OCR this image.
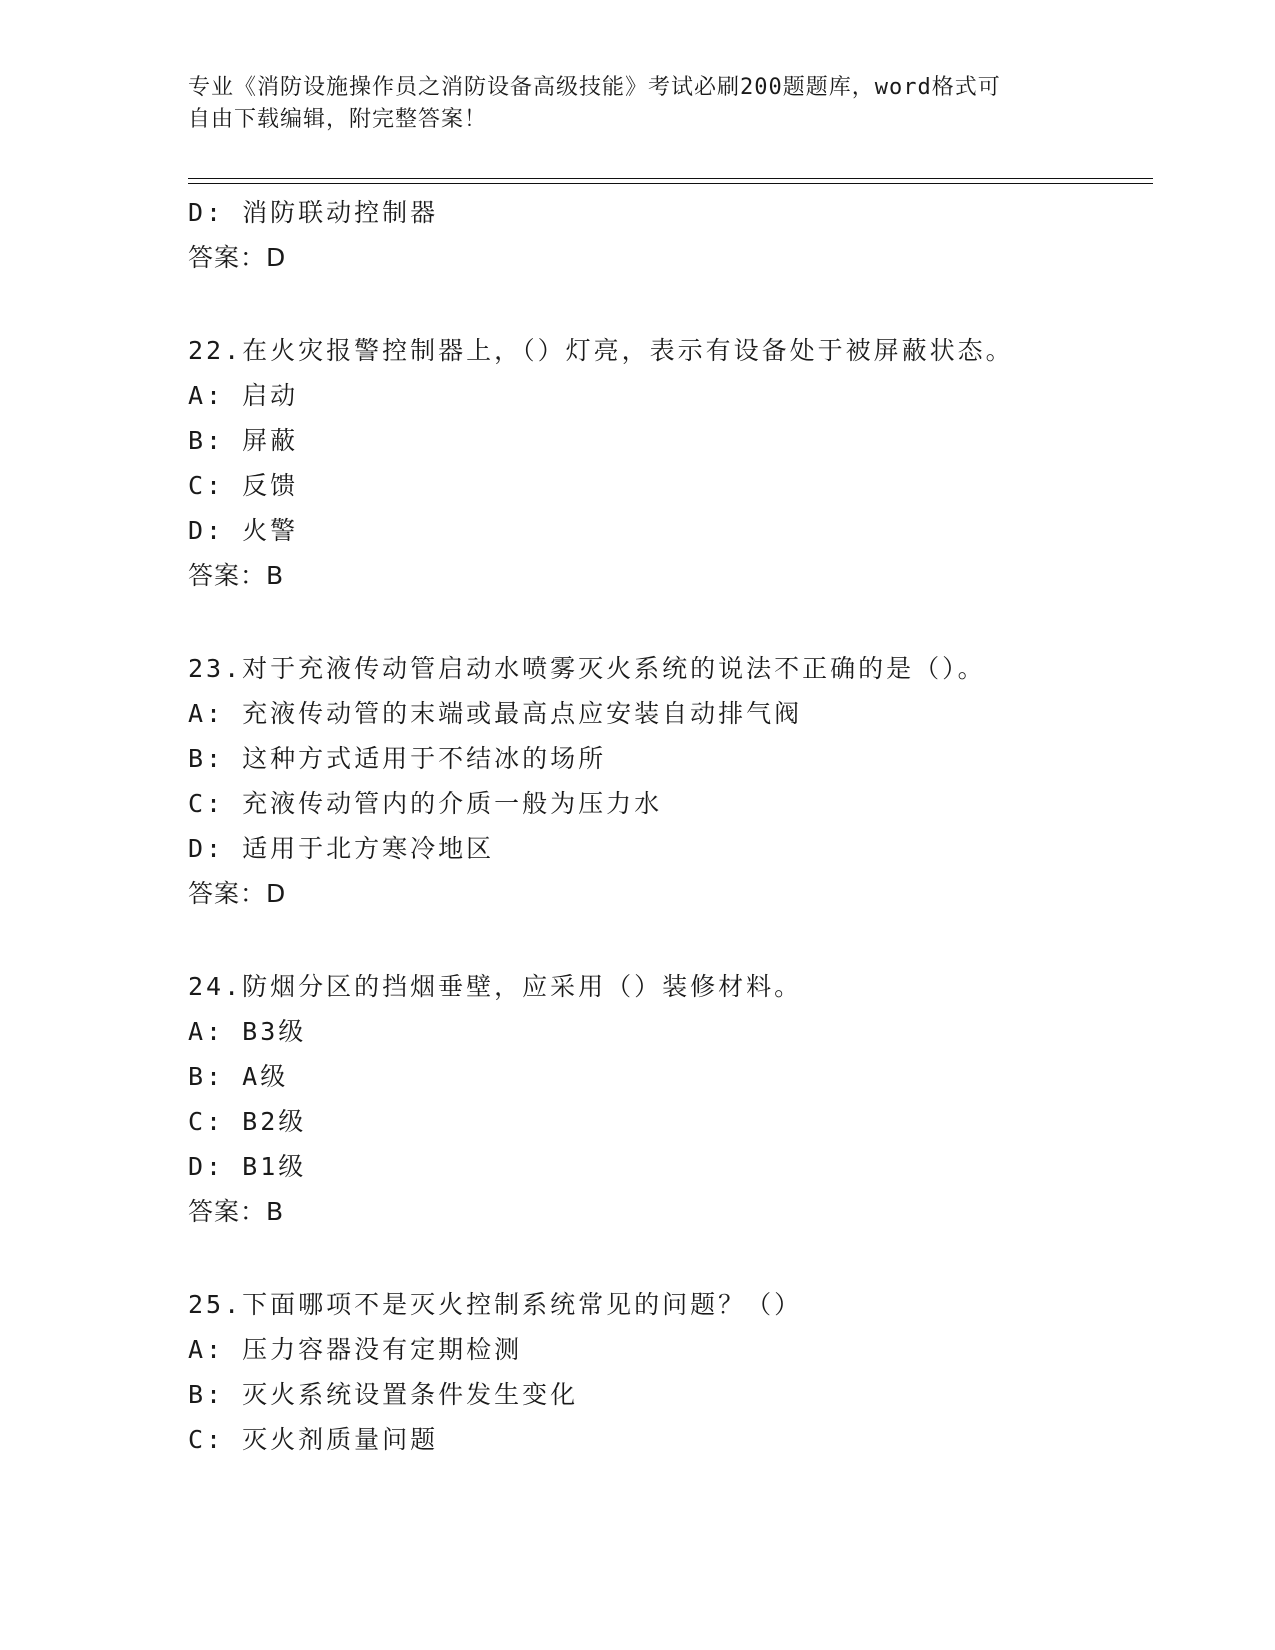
专业《消防设施操作员之消防设备高级技能》考试必刷200题题库，word格式可
自由下载编辑，附完整答案！
D: 消防联动控制器
答案：D
22.在火灾报警控制器上，（）灯亮，表示有设备处于被屏蔽状态。
A: 启动
B: 屏蔽
C: 反馈
D: 火警
答案：B
23.对于充液传动管启动水喷雾灭火系统的说法不正确的是（）。
A: 充液传动管的末端或最高点应安装自动排气阀
B: 这种方式适用于不结冰的场所
C: 充液传动管内的介质一般为压力水
D: 适用于北方寒冷地区
答案：D
24.防烟分区的挡烟垂壁，应采用（）装修材料。
A: B3级
B: A级
C: B2级
D: B1级
答案：B
25.下面哪项不是灭火控制系统常见的问题？（）
A: 压力容器没有定期检测
B: 灭火系统设置条件发生变化
C: 灭火剂质量问题
